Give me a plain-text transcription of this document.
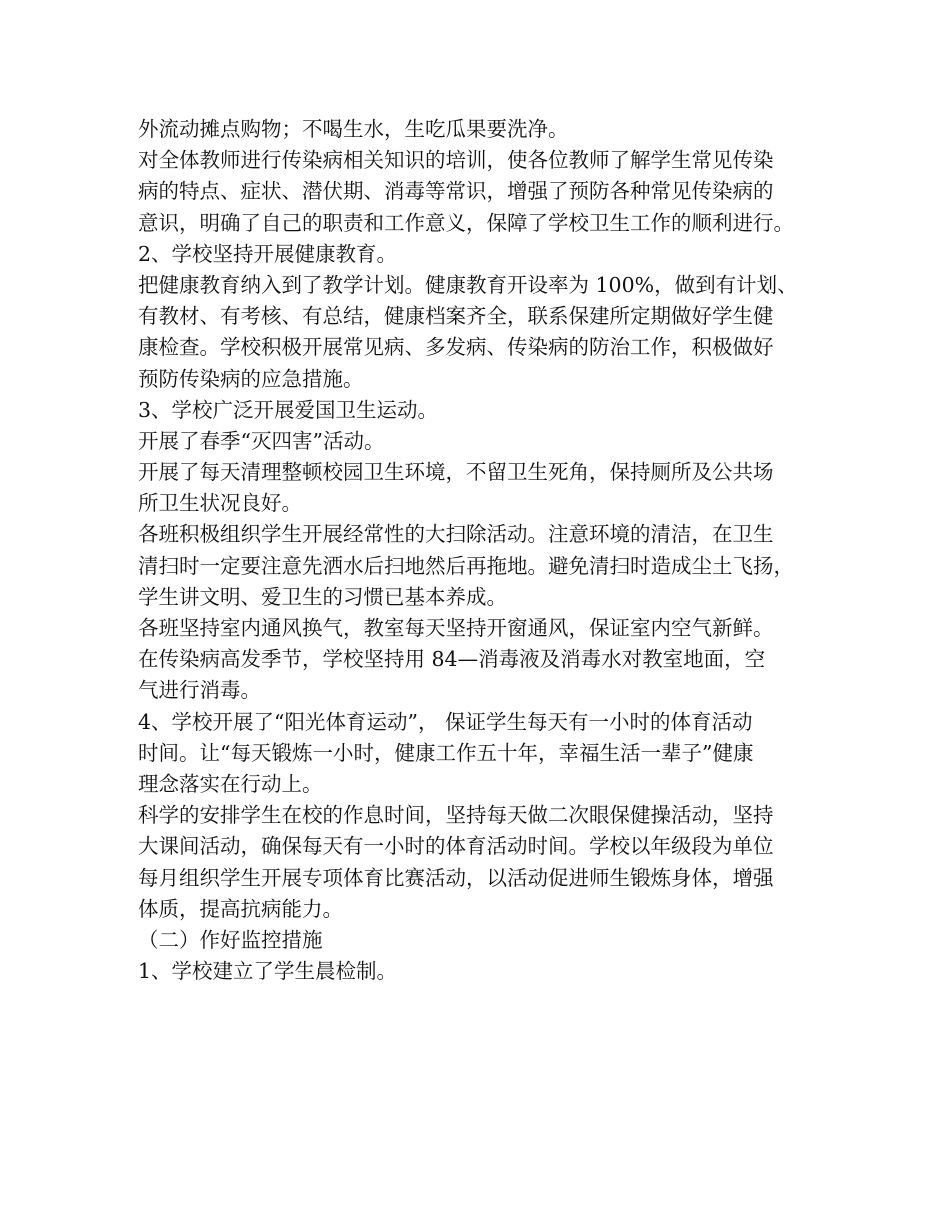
外流动摊点购物；不喝生水，生吃瓜果要洗净。
对全体教师进行传染病相关知识的培训，使各位教师了解学生常见传染
病的特点、症状、潜伏期、消毒等常识，增强了预防各种常见传染病的
意识，明确了自己的职责和工作意义，保障了学校卫生工作的顺利进行。
2、学校坚持开展健康教育。
把健康教育纳入到了教学计划。健康教育开设率为 100%，做到有计划、
有教材、有考核、有总结，健康档案齐全，联系保建所定期做好学生健
康检查。学校积极开展常见病、多发病、传染病的防治工作，积极做好
预防传染病的应急措施。
3、学校广泛开展爱国卫生运动。
开展了春季“灭四害”活动。
开展了每天清理整顿校园卫生环境，不留卫生死角，保持厕所及公共场
所卫生状况良好。
各班积极组织学生开展经常性的大扫除活动。注意环境的清洁，在卫生
清扫时一定要注意先洒水后扫地然后再拖地。避免清扫时造成尘土飞扬，
学生讲文明、爱卫生的习惯已基本养成。
各班坚持室内通风换气，教室每天坚持开窗通风，保证室内空气新鲜。
在传染病高发季节，学校坚持用 84—消毒液及消毒水对教室地面，空
气进行消毒。
4、学校开展了“阳光体育运动”， 保证学生每天有一小时的体育活动
时间。让“每天锻炼一小时，健康工作五十年，幸福生活一辈子”健康
理念落实在行动上。
科学的安排学生在校的作息时间，坚持每天做二次眼保健操活动，坚持
大课间活动，确保每天有一小时的体育活动时间。学校以年级段为单位
每月组织学生开展专项体育比赛活动，以活动促进师生锻炼身体，增强
体质，提高抗病能力。
（二）作好监控措施
1、学校建立了学生晨检制。
